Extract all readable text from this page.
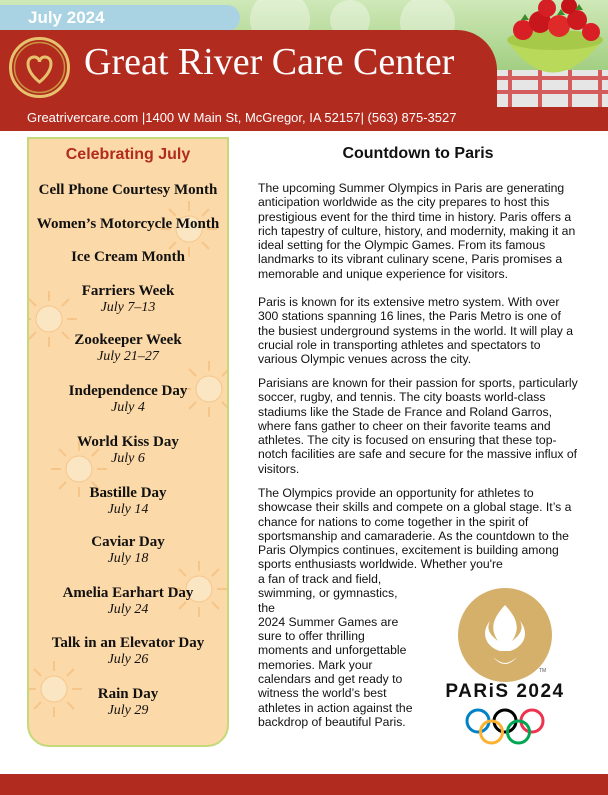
July 2024
Great River Care Center
Greatrivercare.com |1400 W Main St, McGregor, IA 52157| (563) 875-3527
Celebrating July
Cell Phone Courtesy Month
Women’s Motorcycle Month
Ice Cream Month
Farriers Week
July 7–13
Zookeeper Week
July 21–27
Independence Day
July 4
World Kiss Day
July 6
Bastille Day
July 14
Caviar Day
July 18
Amelia Earhart Day
July 24
Talk in an Elevator Day
July 26
Rain Day
July 29
Countdown to Paris

The upcoming Summer Olympics in Paris are generating anticipation worldwide as the city prepares to host this prestigious event for the third time in history. Paris offers a rich tapestry of culture, history, and modernity, making it an ideal setting for the Olympic Games. From its famous landmarks to its vibrant culinary scene, Paris promises a memorable and unique experience for visitors.

Paris is known for its extensive metro system. With over 300 stations spanning 16 lines, the Paris Metro is one of the busiest underground systems in the world. It will play a crucial role in transporting athletes and spectators to various Olympic venues across the city.

Parisians are known for their passion for sports, particularly soccer, rugby, and tennis. The city boasts world-class stadiums like the Stade de France and Roland Garros, where fans gather to cheer on their favorite teams and athletes. The city is focused on ensuring that these top-notch facilities are safe and secure for the massive influx of visitors.

The Olympics provide an opportunity for athletes to showcase their skills and compete on a global stage. It’s a chance for nations to come together in the spirit of sportsmanship and camaraderie. As the countdown to the Paris Olympics continues, excitement is building among sports enthusiasts worldwide. Whether you're

a fan of track and field,
swimming, or gymnastics,
the
2024 Summer Games are
sure to offer thrilling
moments and unforgettable
memories. Mark your
calendars and get ready to
witness the world’s best
athletes in action against the
backdrop of beautiful Paris.
TM
PARiS 2024
